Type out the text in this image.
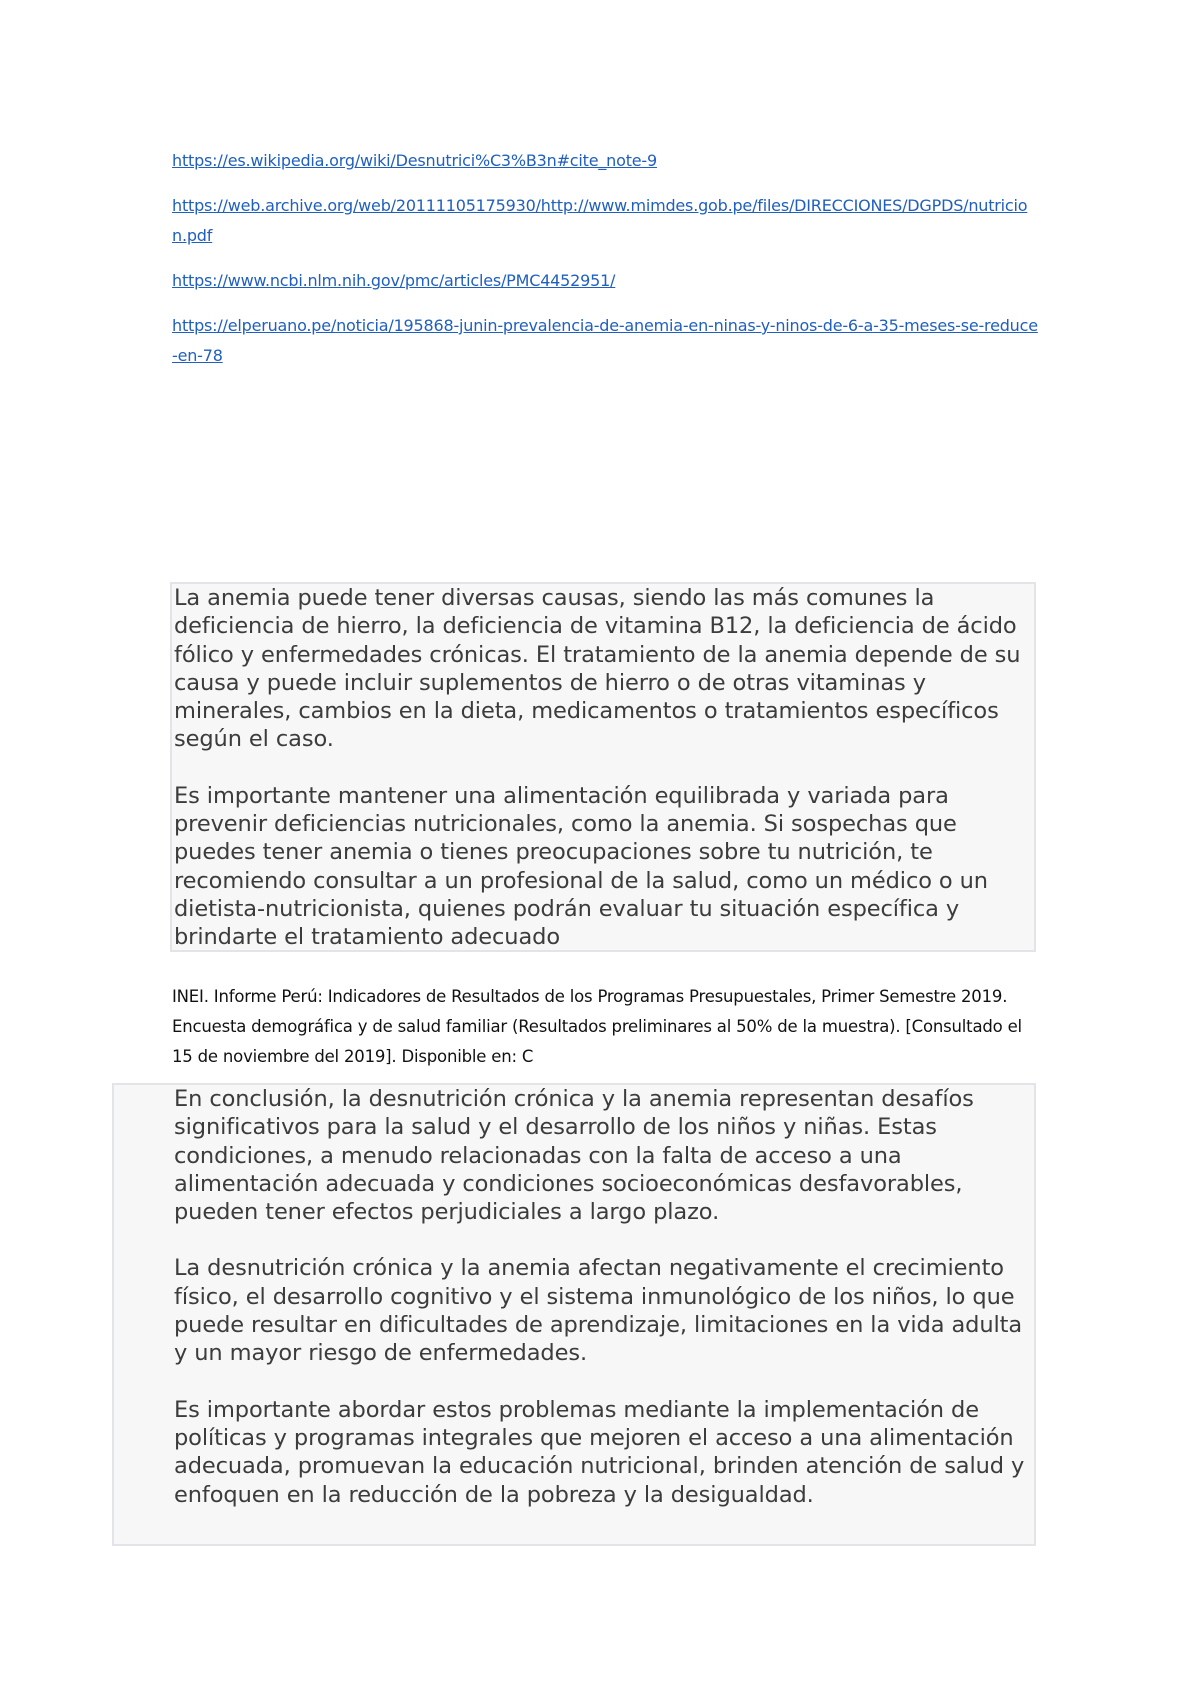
https://es.wikipedia.org/wiki/Desnutrici%C3%B3n#cite_note-9
https://web.archive.org/web/20111105175930/http://www.mimdes.gob.pe/files/DIRECCIONES/DGPDS/nutricion.pdf
https://www.ncbi.nlm.nih.gov/pmc/articles/PMC4452951/
https://elperuano.pe/noticia/195868-junin-prevalencia-de-anemia-en-ninas-y-ninos-de-6-a-35-meses-se-reduce-en-78

La anemia puede tener diversas causas, siendo las más comunes la deficiencia de hierro, la deficiencia de vitamina B12, la deficiencia de ácido fólico y enfermedades crónicas. El tratamiento de la anemia depende de su causa y puede incluir suplementos de hierro o de otras vitaminas y minerales, cambios en la dieta, medicamentos o tratamientos específicos según el caso.

Es importante mantener una alimentación equilibrada y variada para prevenir deficiencias nutricionales, como la anemia. Si sospechas que puedes tener anemia o tienes preocupaciones sobre tu nutrición, te recomiendo consultar a un profesional de la salud, como un médico o un dietista-nutricionista, quienes podrán evaluar tu situación específica y brindarte el tratamiento adecuado

INEI. Informe Perú: Indicadores de Resultados de los Programas Presupuestales, Primer Semestre 2019. Encuesta demográfica y de salud familiar (Resultados preliminares al 50% de la muestra). [Consultado el 15 de noviembre del 2019]. Disponible en: C

En conclusión, la desnutrición crónica y la anemia representan desafíos significativos para la salud y el desarrollo de los niños y niñas. Estas condiciones, a menudo relacionadas con la falta de acceso a una alimentación adecuada y condiciones socioeconómicas desfavorables, pueden tener efectos perjudiciales a largo plazo.

La desnutrición crónica y la anemia afectan negativamente el crecimiento físico, el desarrollo cognitivo y el sistema inmunológico de los niños, lo que puede resultar en dificultades de aprendizaje, limitaciones en la vida adulta y un mayor riesgo de enfermedades.

Es importante abordar estos problemas mediante la implementación de políticas y programas integrales que mejoren el acceso a una alimentación adecuada, promuevan la educación nutricional, brinden atención de salud y enfoquen en la reducción de la pobreza y la desigualdad.
